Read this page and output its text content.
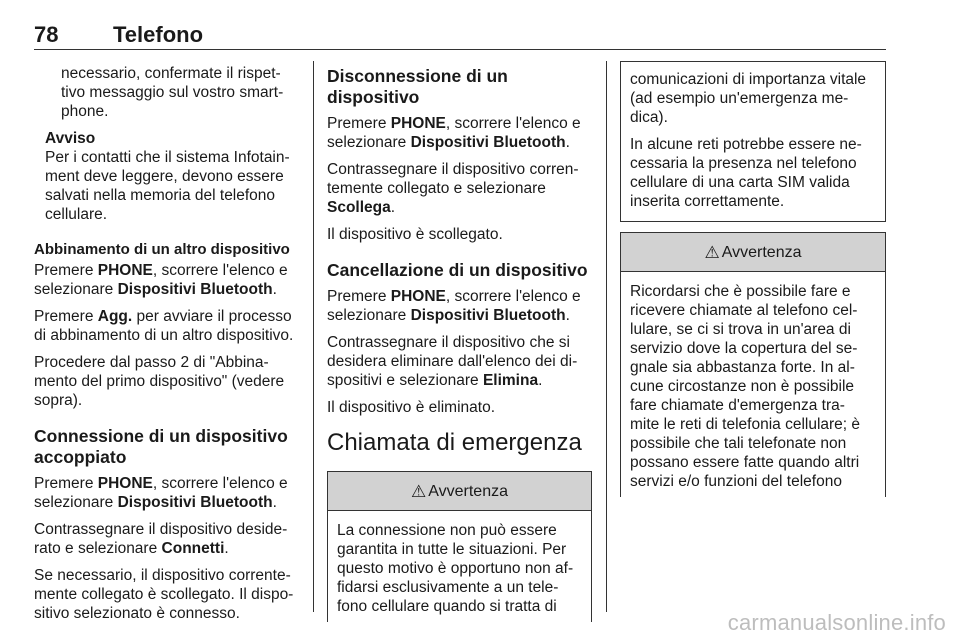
78 Telefono

necessario, confermate il rispet-
tivo messaggio sul vostro smart-
phone.

Avviso
Per i contatti che il sistema Infotain-
ment deve leggere, devono essere
salvati nella memoria del telefono
cellulare.
Abbinamento di un altro dispositivo

Premere PHONE, scorrere l'elenco e
selezionare Dispositivi Bluetooth.

Premere Agg. per avviare il processo
di abbinamento di un altro dispositivo.

Procedere dal passo 2 di "Abbina-
mento del primo dispositivo" (vedere
sopra).

Connessione di un dispositivo
accoppiato

Premere PHONE, scorrere l'elenco e
selezionare Dispositivi Bluetooth.

Contrassegnare il dispositivo deside-
rato e selezionare Connetti.

Se necessario, il dispositivo corrente-
mente collegato è scollegato. Il dispo-
sitivo selezionato è connesso.

Disconnessione di un dispositivo

Premere PHONE, scorrere l'elenco e
selezionare Dispositivi Bluetooth.

Contrassegnare il dispositivo corren-
temente collegato e selezionare
Scollega.

Il dispositivo è scollegato.

Cancellazione di un dispositivo

Premere PHONE, scorrere l'elenco e
selezionare Dispositivi Bluetooth.

Contrassegnare il dispositivo che si
desidera eliminare dall'elenco dei di-
spositivi e selezionare Elimina.

Il dispositivo è eliminato.

Chiamata di emergenza
⚠ Avvertenza
La connessione non può essere
garantita in tutte le situazioni. Per
questo motivo è opportuno non af-
fidarsi esclusivamente a un tele-
fono cellulare quando si tratta di

comunicazioni di importanza vitale
(ad esempio un'emergenza me-
dica).

In alcune reti potrebbe essere ne-
cessaria la presenza nel telefono
cellulare di una carta SIM valida
inserita correttamente.

⚠ Avvertenza
Ricordarsi che è possibile fare e
ricevere chiamate al telefono cel-
lulare, se ci si trova in un'area di
servizio dove la copertura del se-
gnale sia abbastanza forte. In al-
cune circostanze non è possibile
fare chiamate d'emergenza tra-
mite le reti di telefonia cellulare; è
possibile che tali telefonate non
possano essere fatte quando altri
servizi e/o funzioni del telefono
carmanualsonline.info
